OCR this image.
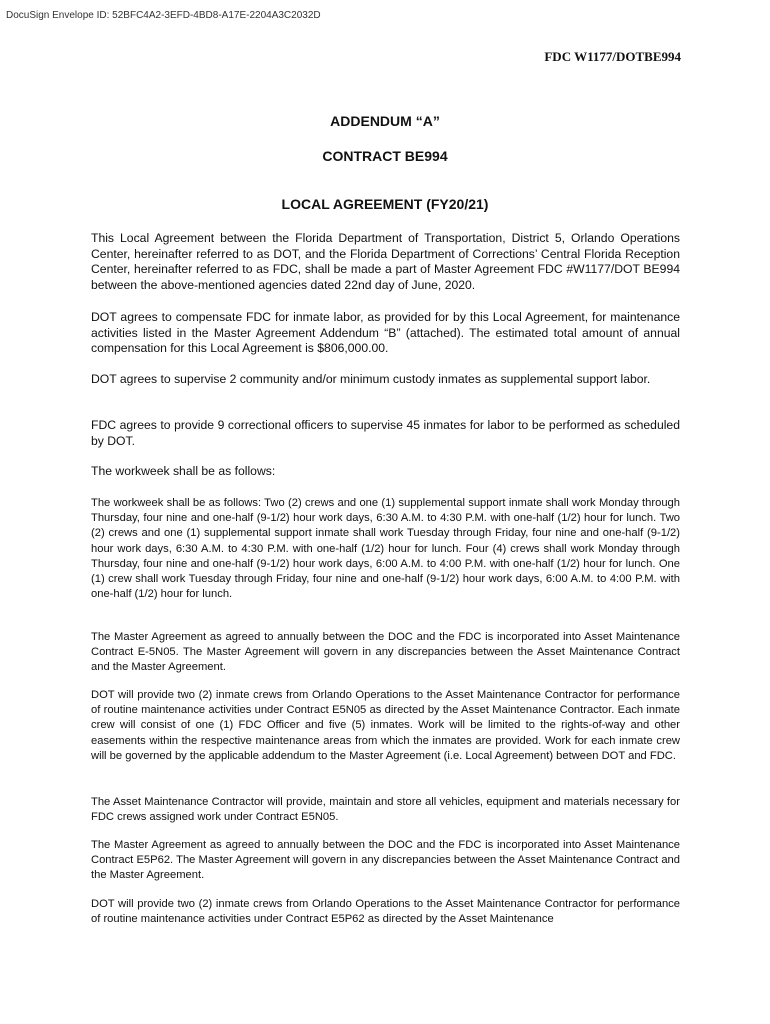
DocuSign Envelope ID: 52BFC4A2-3EFD-4BD8-A17E-2204A3C2032D
FDC W1177/DOTBE994
ADDENDUM “A”
CONTRACT BE994
LOCAL AGREEMENT (FY20/21)

This Local Agreement between the Florida Department of Transportation, District 5, Orlando Operations Center, hereinafter referred to as DOT, and the Florida Department of Corrections’ Central Florida Reception Center, hereinafter referred to as FDC, shall be made a part of Master Agreement FDC #W1177/DOT BE994 between the above-mentioned agencies dated 22nd day of June, 2020.

DOT agrees to compensate FDC for inmate labor, as provided for by this Local Agreement, for maintenance activities listed in the Master Agreement Addendum “B” (attached). The estimated total amount of annual compensation for this Local Agreement is $806,000.00.

DOT agrees to supervise 2 community and/or minimum custody inmates as supplemental support labor.

FDC agrees to provide 9 correctional officers to supervise 45 inmates for labor to be performed as scheduled by DOT.

The workweek shall be as follows:

The workweek shall be as follows: Two (2) crews and one (1) supplemental support inmate shall work Monday through Thursday, four nine and one-half (9-1/2) hour work days, 6:30 A.M. to 4:30 P.M. with one-half (1/2) hour for lunch. Two (2) crews and one (1) supplemental support inmate shall work Tuesday through Friday, four nine and one-half (9-1/2) hour work days, 6:30 A.M. to 4:30 P.M. with one-half (1/2) hour for lunch. Four (4) crews shall work Monday through Thursday, four nine and one-half (9-1/2) hour work days, 6:00 A.M. to 4:00 P.M. with one-half (1/2) hour for lunch. One (1) crew shall work Tuesday through Friday, four nine and one-half (9-1/2) hour work days, 6:00 A.M. to 4:00 P.M. with one-half (1/2) hour for lunch.

The Master Agreement as agreed to annually between the DOC and the FDC is incorporated into Asset Maintenance Contract E-5N05. The Master Agreement will govern in any discrepancies between the Asset Maintenance Contract and the Master Agreement.

DOT will provide two (2) inmate crews from Orlando Operations to the Asset Maintenance Contractor for performance of routine maintenance activities under Contract E5N05 as directed by the Asset Maintenance Contractor. Each inmate crew will consist of one (1) FDC Officer and five (5) inmates. Work will be limited to the rights-of-way and other easements within the respective maintenance areas from which the inmates are provided. Work for each inmate crew will be governed by the applicable addendum to the Master Agreement (i.e. Local Agreement) between DOT and FDC.

The Asset Maintenance Contractor will provide, maintain and store all vehicles, equipment and materials necessary for FDC crews assigned work under Contract E5N05.

The Master Agreement as agreed to annually between the DOC and the FDC is incorporated into Asset Maintenance Contract E5P62. The Master Agreement will govern in any discrepancies between the Asset Maintenance Contract and the Master Agreement.

DOT will provide two (2) inmate crews from Orlando Operations to the Asset Maintenance Contractor for performance of routine maintenance activities under Contract E5P62 as directed by the Asset Maintenance
